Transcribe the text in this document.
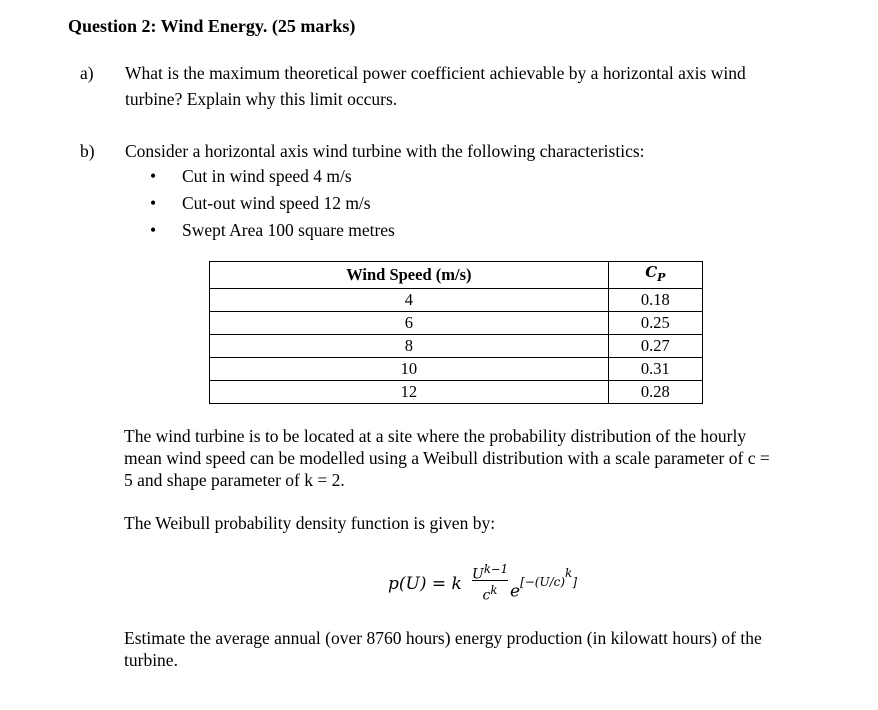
Question 2: Wind Energy. (25 marks)
a) What is the maximum theoretical power coefficient achievable by a horizontal axis wind
turbine? Explain why this limit occurs.
b) Consider a horizontal axis wind turbine with the following characteristics:
• Cut in wind speed 4 m/s
• Cut-out wind speed 12 m/s
• Swept Area 100 square metres
Wind Speed (m/s)	$C_P$
4	0.18
6	0.25
8	0.27
10	0.31
12	0.28
The wind turbine is to be located at a site where the probability distribution of the hourly
mean wind speed can be modelled using a Weibull distribution with a scale parameter of c =
5 and shape parameter of k = 2.
The Weibull probability density function is given by:
p(U) = k $U^{k-1}$
$c^k$ e[−(U/c)k]
Estimate the average annual (over 8760 hours) energy production (in kilowatt hours) of the
turbine.
